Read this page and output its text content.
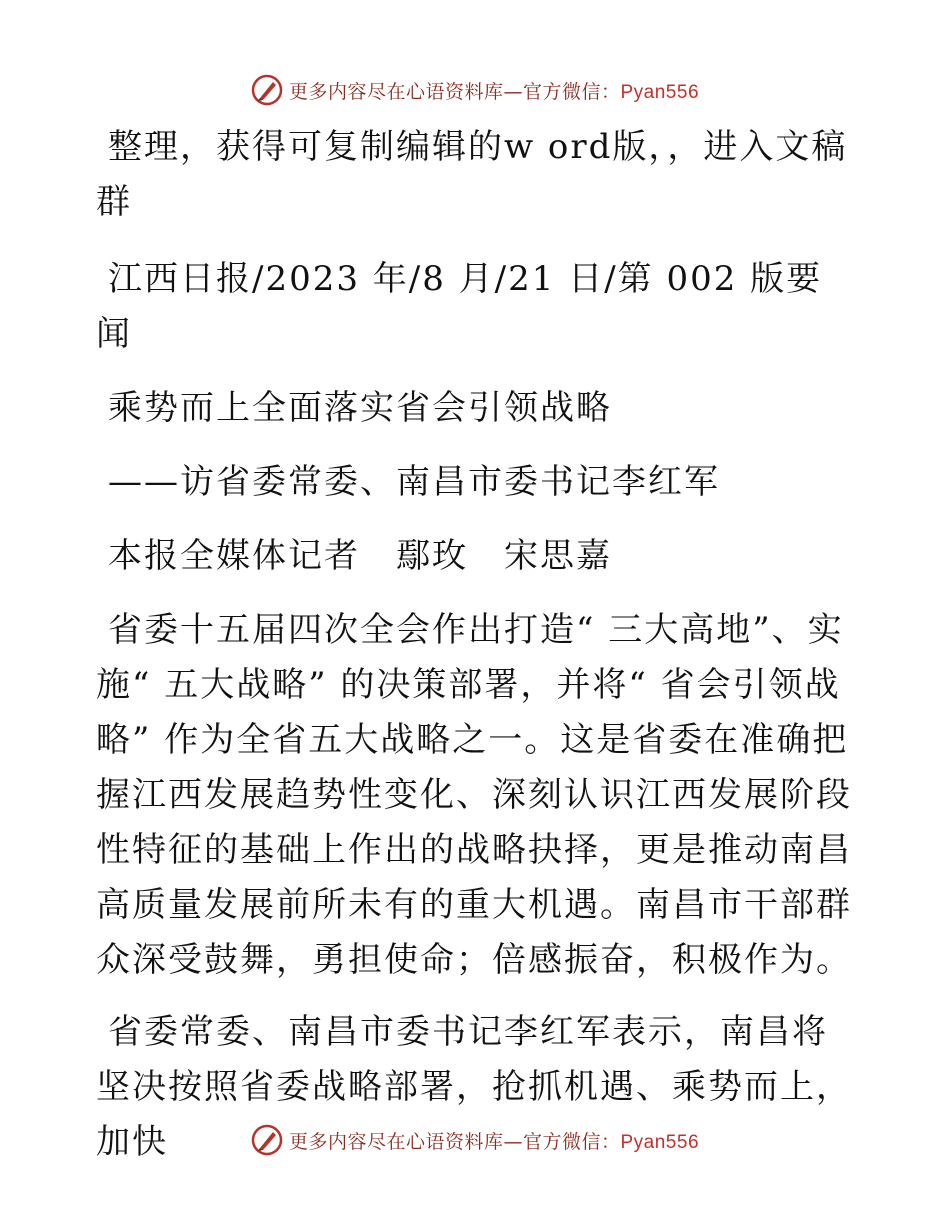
更多内容尽在心语资料库—官方微信：Pyan556

整理，获得可复制编辑的w ord版，，进入文稿群

江西日报/2023 年/8 月/21 日/第 002 版要闻

乘势而上全面落实省会引领战略

——访省委常委、南昌市委书记李红军

本报全媒体记者　鄢玫　宋思嘉

省委十五届四次全会作出打造“ 三大高地”、实施“ 五大战略” 的决策部署，并将“ 省会引领战略” 作为全省五大战略之一。这是省委在准确把握江西发展趋势性变化、深刻认识江西发展阶段性特征的基础上作出的战略抉择，更是推动南昌高质量发展前所未有的重大机遇。南昌市干部群众深受鼓舞，勇担使命；倍感振奋，积极作为。

省委常委、南昌市委书记李红军表示，南昌将坚决按照省委战略部署，抢抓机遇、乘势而上，加快	更多内容尽在心语资料库—官方微信：Pyan556
